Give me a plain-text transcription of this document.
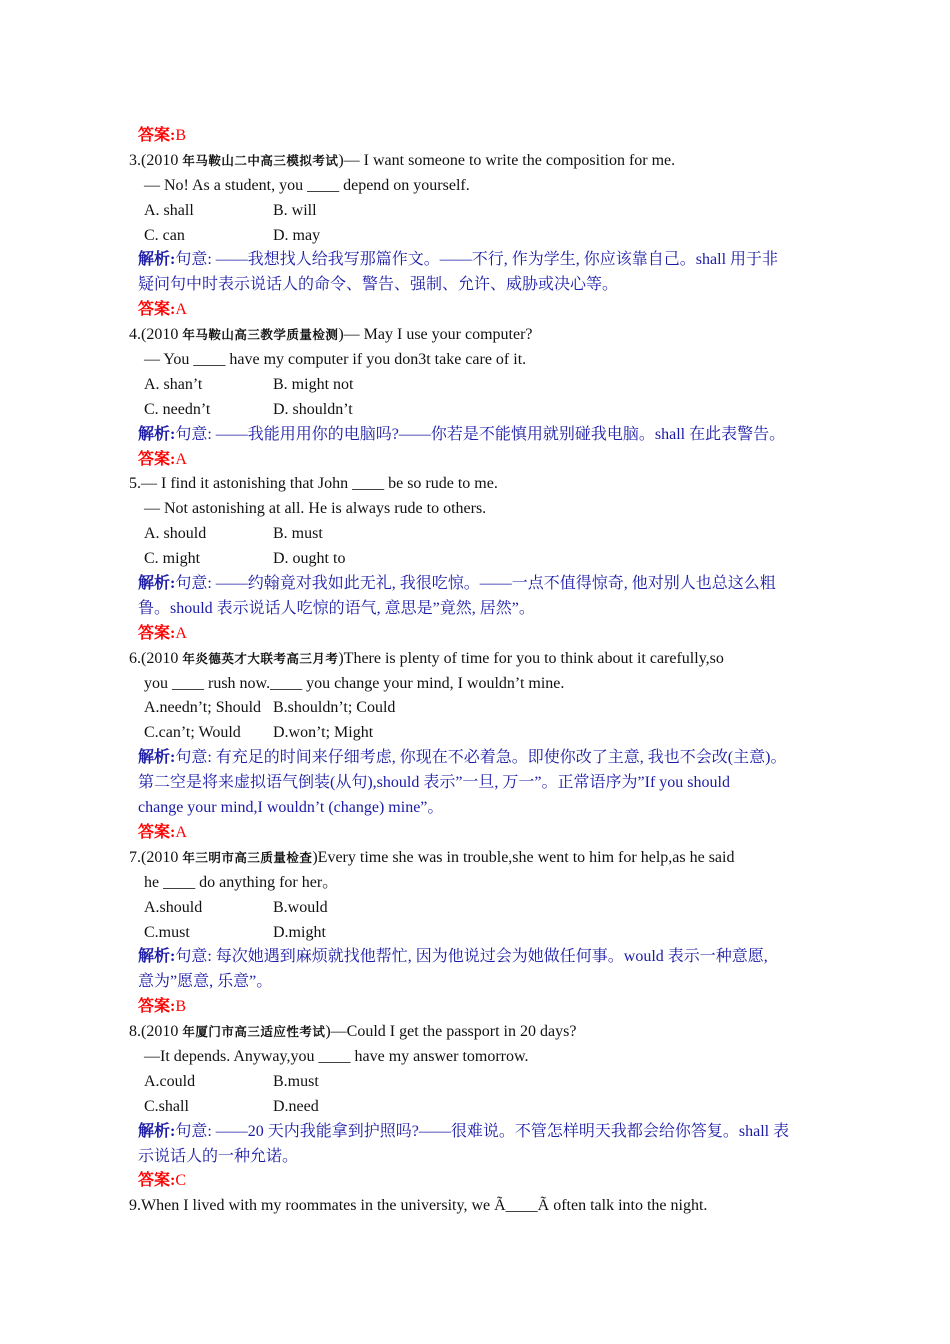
答案:B
3.(2010 年马鞍山二中高三模拟考试)— I want someone to write the composition for me.
— No! As a student, you ____ depend on yourself.
A. shall	B. will
C. can	D. may
解析:句意: ——我想找人给我写那篇作文。——不行, 作为学生, 你应该靠自己。shall 用于非
疑问句中时表示说话人的命令、警告、强制、允许、威胁或决心等。
答案:A
4.(2010 年马鞍山高三教学质量检测)— May I use your computer?
— You ____ have my computer if you don3t take care of it.
A. shan’t	B. might not
C. needn’t	D. shouldn’t
解析:句意: ——我能用用你的电脑吗?——你若是不能慎用就别碰我电脑。shall 在此表警告。
答案:A
5.— I find it astonishing that John ____ be so rude to me.
— Not astonishing at all. He is always rude to others.
A. should	B. must
C. might	D. ought to
解析:句意: ——约翰竟对我如此无礼, 我很吃惊。——一点不值得惊奇, 他对别人也总这么粗
鲁。should 表示说话人吃惊的语气, 意思是”竟然, 居然”。
答案:A
6.(2010 年炎德英才大联考高三月考)There is plenty of time for you to think about it carefully,so
you ____ rush now.____ you change your mind, I wouldn’t mine.
A.needn’t; Should B.shouldn’t; Could
C.can’t; Would	D.won’t; Might
解析:句意: 有充足的时间来仔细考虑, 你现在不必着急。即使你改了主意, 我也不会改(主意)。
第二空是将来虚拟语气倒装(从句),should 表示”一旦, 万一”。正常语序为”If you should
change your mind,I wouldn’t (change) mine”。
答案:A
7.(2010 年三明市高三质量检查)Every time she was in trouble,she went to him for help,as he said
he ____ do anything for her。
A.should	B.would
C.must	D.might
解析:句意: 每次她遇到麻烦就找他帮忙, 因为他说过会为她做任何事。would 表示一种意愿,
意为”愿意, 乐意”。
答案:B
8.(2010 年厦门市高三适应性考试)—Could I get the passport in 20 days?
—It depends. Anyway,you ____ have my answer tomorrow.
A.could	B.must
C.shall	D.need
解析:句意: ——20 天内我能拿到护照吗?——很难说。不管怎样明天我都会给你答复。shall 表
示说话人的一种允诺。
答案:C
9.When I lived with my roommates in the university, we Ã____Ã often talk into the night.
